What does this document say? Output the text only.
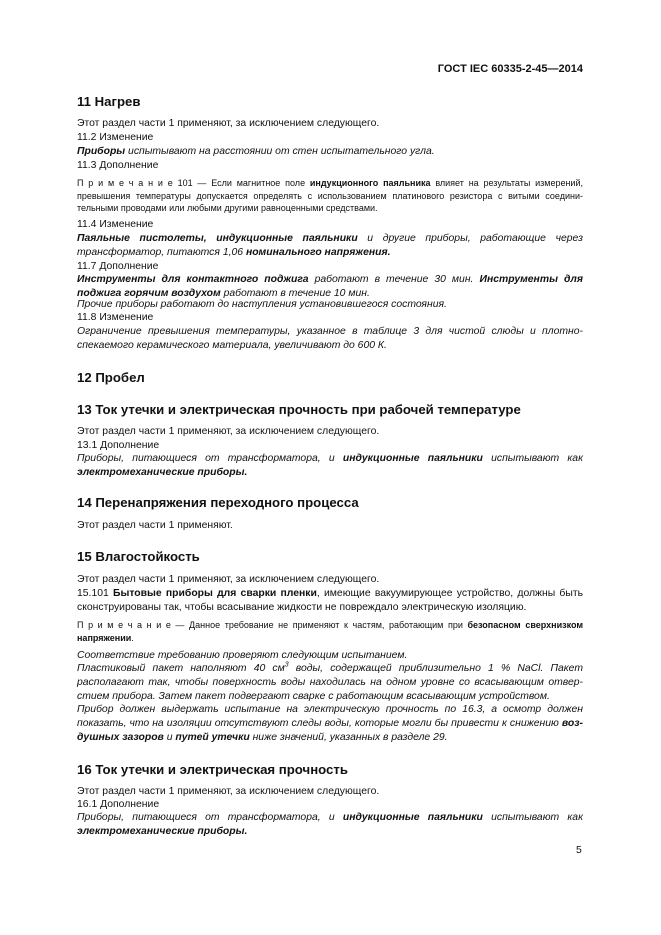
ГОСТ IEC 60335-2-45—2014
11 Нагрев
Этот раздел части 1 применяют, за исключением следующего.
11.2 Изменение
Приборы испытывают на расстоянии от стен испытательного угла.
11.3 Дополнение
П р и м е ч а н и е 101 — Если магнитное поле индукционного паяльника влияет на результаты измерений, превышения температуры допускается определять с использованием платинового резистора с витыми соединительными проводами или любыми другими равноценными средствами.
11.4 Изменение
Паяльные пистолеты, индукционные паяльники и другие приборы, работающие через трансформатор, питаются 1,06 номинального напряжения.
11.7 Дополнение
Инструменты для контактного поджига работают в течение 30 мин. Инструменты для поджига горячим воздухом работают в течение 10 мин.
Прочие приборы работают до наступления установившегося состояния.
11.8 Изменение
Ограничение превышения температуры, указанное в таблице 3 для чистой слюды и плотноспекаемого керамического материала, увеличивают до 600 К.
12 Пробел
13 Ток утечки и электрическая прочность при рабочей температуре
Этот раздел части 1 применяют, за исключением следующего.
13.1 Дополнение
Приборы, питающиеся от трансформатора, и индукционные паяльники испытывают как электромеханические приборы.
14 Перенапряжения переходного процесса
Этот раздел части 1 применяют.
15 Влагостойкость
Этот раздел части 1 применяют, за исключением следующего.
15.101 Бытовые приборы для сварки пленки, имеющие вакуумирующее устройство, должны быть сконструированы так, чтобы всасывание жидкости не повреждало электрическую изоляцию.
П р и м е ч а н и е — Данное требование не применяют к частям, работающим при безопасном сверхнизком напряжении.
Соответствие требованию проверяют следующим испытанием.
Пластиковый пакет наполняют 40 $см^3$ воды, содержащей приблизительно 1 % NaCl. Пакет располагают так, чтобы поверхность воды находилась на одном уровне со всасывающим отверстием прибора. Затем пакет подвергают сварке с работающим всасывающим устройством.
Прибор должен выдержать испытание на электрическую прочность по 16.3, а осмотр должен показать, что на изоляции отсутствуют следы воды, которые могли бы привести к снижению воздушных зазоров и путей утечки ниже значений, указанных в разделе 29.
16 Ток утечки и электрическая прочность
Этот раздел части 1 применяют, за исключением следующего.
16.1 Дополнение
Приборы, питающиеся от трансформатора, и индукционные паяльники испытывают как электромеханические приборы.
5
